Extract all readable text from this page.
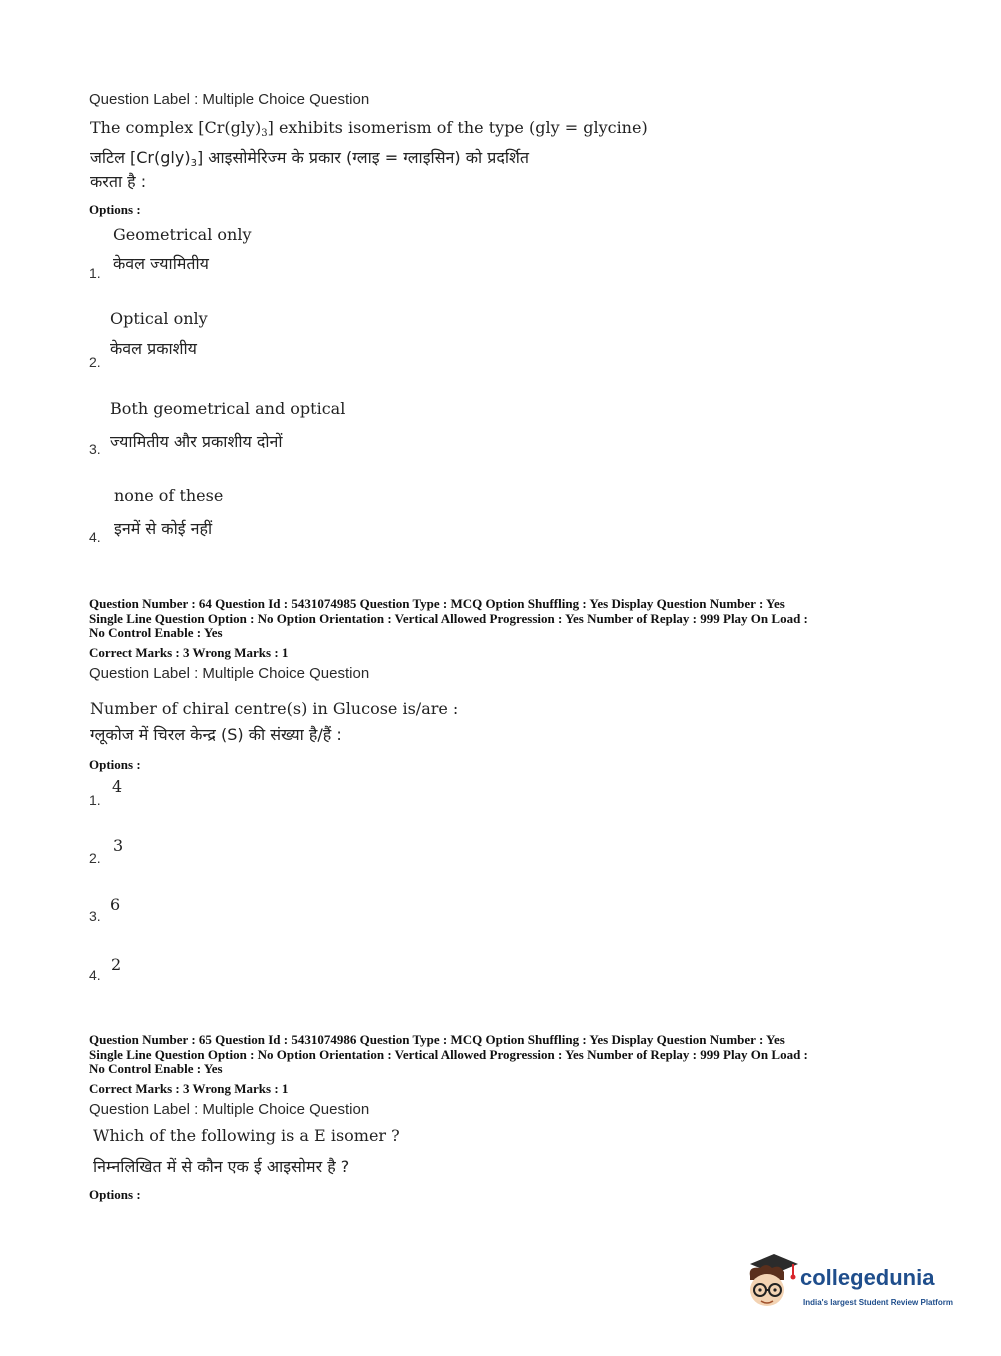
Question Label : Multiple Choice Question
The complex $[Cr(gly)_3]$ exhibits isomerism of the type (gly = glycine)
जटिल $[Cr(gly)_3]$ आइसोमेरिज्म के प्रकार (ग्लाइ = ग्लाइसिन) को प्रदर्शित
करता है :
Options :
Geometrical only
केवल ज्यामितीय
1.
Optical only
केवल प्रकाशीय
2.
Both geometrical and optical
ज्यामितीय और प्रकाशीय दोनों
3.
none of these
इनमें से कोई नहीं
4.
Question Number : 64 Question Id : 5431074985 Question Type : MCQ Option Shuffling : Yes Display Question Number : Yes
Single Line Question Option : No Option Orientation : Vertical Allowed Progression : Yes Number of Replay : 999 Play On Load :
No Control Enable : Yes
Correct Marks : 3 Wrong Marks : 1
Question Label : Multiple Choice Question
Number of chiral centre(s) in Glucose is/are :
ग्लूकोज में चिरल केन्द्र (S) की संख्या है/हैं :
Options :
4
1.
3
2.
6
3.
2
4.
Question Number : 65 Question Id : 5431074986 Question Type : MCQ Option Shuffling : Yes Display Question Number : Yes
Single Line Question Option : No Option Orientation : Vertical Allowed Progression : Yes Number of Replay : 999 Play On Load :
No Control Enable : Yes
Correct Marks : 3 Wrong Marks : 1
Question Label : Multiple Choice Question
Which of the following is a E isomer ?
निम्नलिखित में से कौन एक ई आइसोमर है ?
Options :
collegedunia
India's largest Student Review Platform
